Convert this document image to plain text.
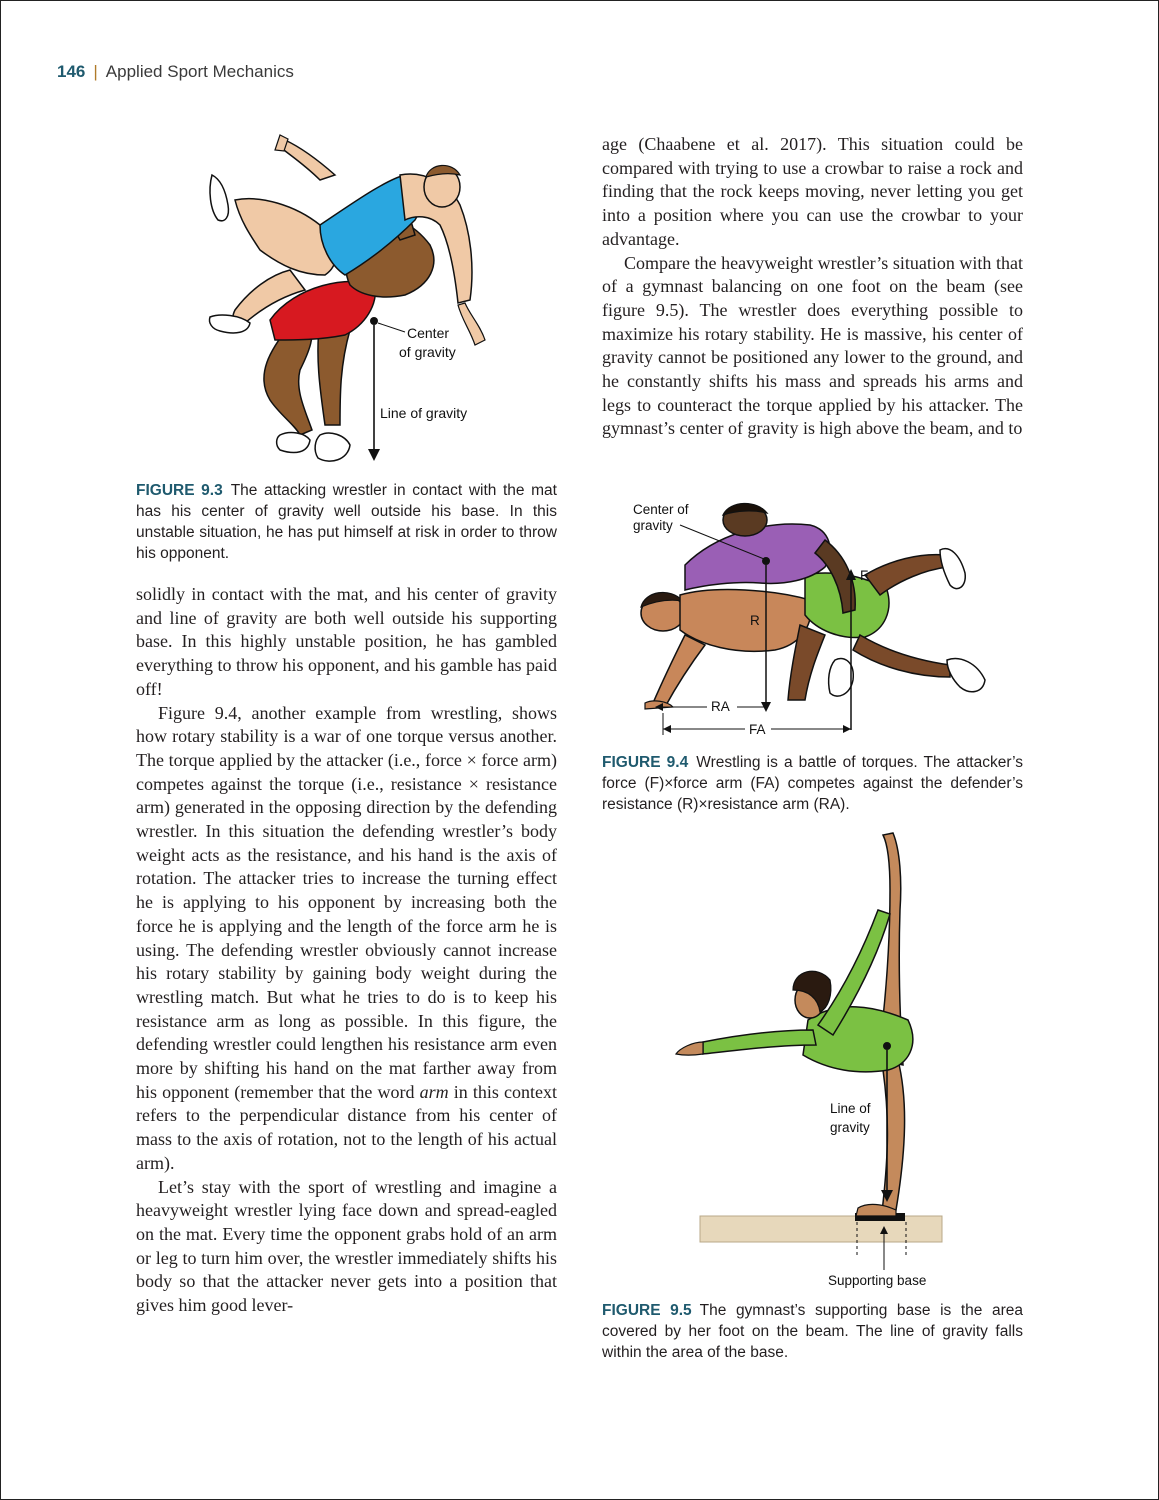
146 | Applied Sport Mechanics
Center
of gravity
Line of gravity
FIGURE 9.3 The attacking wrestler in contact with the mat has his center of gravity well outside his base. In this unstable situation, he has put himself at risk in order to throw his opponent.

solidly in contact with the mat, and his center of gravity and line of gravity are both well outside his supporting base. In this highly unstable position, he has gambled everything to throw his opponent, and his gamble has paid off!

Figure 9.4, another example from wrestling, shows how rotary stability is a war of one torque versus another. The torque applied by the attacker (i.e., force × force arm) competes against the torque (i.e., resistance × resistance arm) generated in the opposing direction by the defending wrestler. In this situation the defending wrestler’s body weight acts as the resistance, and his hand is the axis of rotation. The attacker tries to increase the turning effect he is applying to his opponent by increasing both the force he is applying and the length of the force arm he is using. The defending wrestler obviously cannot increase his rotary stability by gaining body weight during the wrestling match. But what he tries to do is to keep his resistance arm as long as possible. In this figure, the defending wrestler could lengthen his resistance arm even more by shifting his hand on the mat farther away from his opponent (remember that the word arm in this context refers to the perpendicular distance from his center of mass to the axis of rotation, not to the length of his actual arm).

Let’s stay with the sport of wrestling and imagine a heavyweight wrestler lying face down and spread-eagled on the mat. Every time the opponent grabs hold of an arm or leg to turn him over, the wrestler immediately shifts his body so that the attacker never gets into a position that gives him good lever-

age (Chaabene et al. 2017). This situation could be compared with trying to use a crowbar to raise a rock and finding that the rock keeps moving, never letting you get into a position where you can use the crowbar to your advantage.

Compare the heavyweight wrestler’s situation with that of a gymnast balancing on one foot on the beam (see figure 9.5). The wrestler does everything possible to maximize his rotary stability. He is massive, his center of gravity cannot be positioned any lower to the ground, and he constantly shifts his mass and spreads his arms and legs to counteract the torque applied by his attacker. The gymnast’s center of gravity is high above the beam, and to

Center of
gravity
R
F
RA
FA
FIGURE 9.4 Wrestling is a battle of torques. The attacker’s force (F)×force arm (FA) competes against the defender’s resistance (R)×resistance arm (RA).
Line of
gravity
Supporting base
FIGURE 9.5 The gymnast’s supporting base is the area covered by her foot on the beam. The line of gravity falls within the area of the base.
